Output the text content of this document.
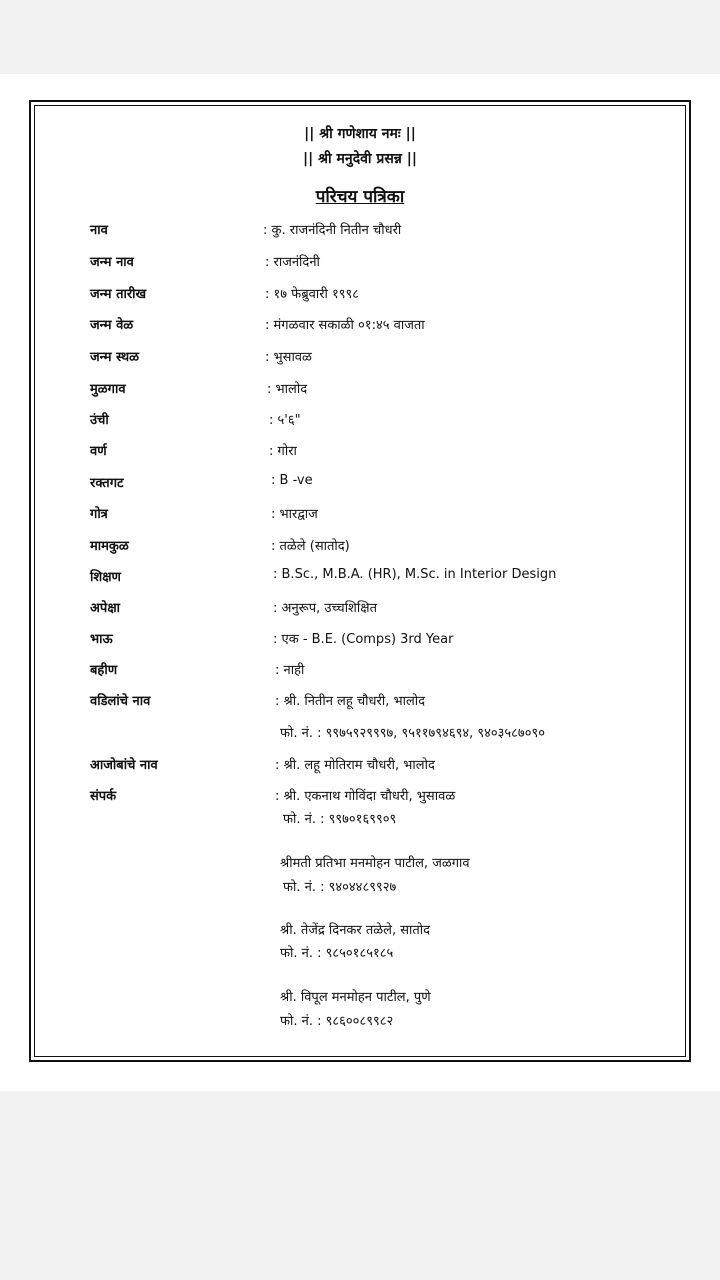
|| श्री गणेशाय नमः ||
|| श्री मनुदेवी प्रसन्न ||
परिचय पत्रिका
नाव	: कु. राजनंदिनी नितीन चौधरी
जन्म नाव	: राजनंदिनी
जन्म तारीख	: १७ फेब्रुवारी १९९८
जन्म वेळ	: मंगळवार सकाळी ०१:४५ वाजता
जन्म स्थळ	: भुसावळ
मुळगाव	: भालोद
उंची	: ५'६"
वर्ण	: गोरा
रक्तगट	: B -ve
गोत्र	: भारद्वाज
मामकुळ	: तळेले (सातोद)
शिक्षण	: B.Sc., M.B.A. (HR), M.Sc. in Interior Design
अपेक्षा	: अनुरूप, उच्चशिक्षित
भाऊ	: एक - B.E. (Comps) 3rd Year
बहीण	: नाही
वडिलांचे नाव	: श्री. नितीन लहू चौधरी, भालोद
फो. नं. : ९९७५९२९९९७, ९५११७९४६९४, ९४०३५८७०९०
आजोबांचे नाव	: श्री. लहू मोतिराम चौधरी, भालोद
संपर्क	: श्री. एकनाथ गोविंदा चौधरी, भुसावळ
फो. नं. : ९९७०१६९९०९
श्रीमती प्रतिभा मनमोहन पाटील, जळगाव
फो. नं. : ९४०४४८९९२७
श्री. तेजेंद्र दिनकर तळेले, सातोद
फो. नं. : ९८५०१८५१८५
श्री. विपूल मनमोहन पाटील, पुणे
फो. नं. : ९८६००८९९८२
